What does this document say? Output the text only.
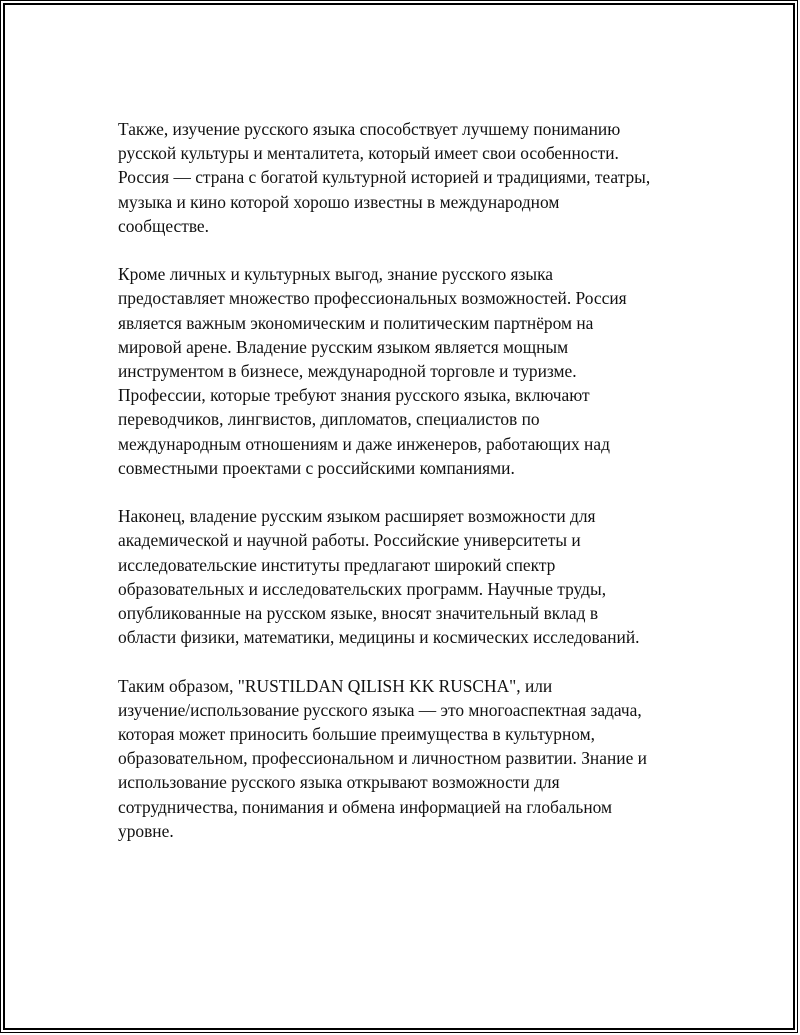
Также, изучение русского языка способствует лучшему пониманию
русской культуры и менталитета, который имеет свои особенности.
Россия — страна с богатой культурной историей и традициями, театры,
музыка и кино которой хорошо известны в международном
сообществе.

Кроме личных и культурных выгод, знание русского языка
предоставляет множество профессиональных возможностей. Россия
является важным экономическим и политическим партнёром на
мировой арене. Владение русским языком является мощным
инструментом в бизнесе, международной торговле и туризме.
Профессии, которые требуют знания русского языка, включают
переводчиков, лингвистов, дипломатов, специалистов по
международным отношениям и даже инженеров, работающих над
совместными проектами с российскими компаниями.

Наконец, владение русским языком расширяет возможности для
академической и научной работы. Российские университеты и
исследовательские институты предлагают широкий спектр
образовательных и исследовательских программ. Научные труды,
опубликованные на русском языке, вносят значительный вклад в
области физики, математики, медицины и космических исследований.

Таким образом, "RUSTILDAN QILISH KK RUSCHA", или
изучение/использование русского языка — это многоаспектная задача,
которая может приносить большие преимущества в культурном,
образовательном, профессиональном и личностном развитии. Знание и
использование русского языка открывают возможности для
сотрудничества, понимания и обмена информацией на глобальном
уровне.
